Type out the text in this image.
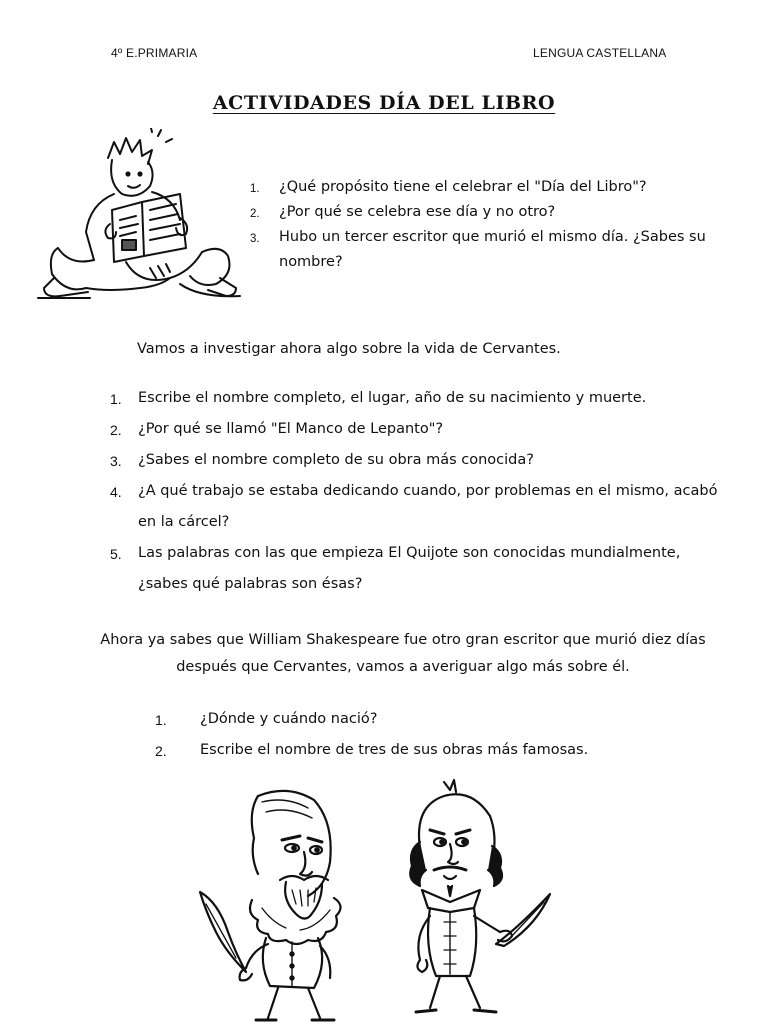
4º E.PRIMARIA	LENGUA CASTELLANA
ACTIVIDADES DÍA DEL LIBRO
1. ¿Qué propósito tiene el celebrar el "Día del Libro"?
2. ¿Por qué se celebra ese día y no otro?
3. Hubo un tercer escritor que murió el mismo día. ¿Sabes su nombre?
Vamos a investigar ahora algo sobre la vida de Cervantes.
1. Escribe el nombre completo, el lugar, año de su nacimiento y muerte.
2. ¿Por qué se llamó "El Manco de Lepanto"?
3. ¿Sabes el nombre completo de su obra más conocida?
4. ¿A qué trabajo se estaba dedicando cuando, por problemas en el mismo, acabó en la cárcel?
5. Las palabras con las que empieza El Quijote son conocidas mundialmente, ¿sabes qué palabras son ésas?
Ahora ya sabes que William Shakespeare fue otro gran escritor que murió diez días después que Cervantes, vamos a averiguar algo más sobre él.
1. ¿Dónde y cuándo nació?
2. Escribe el nombre de tres de sus obras más famosas.
